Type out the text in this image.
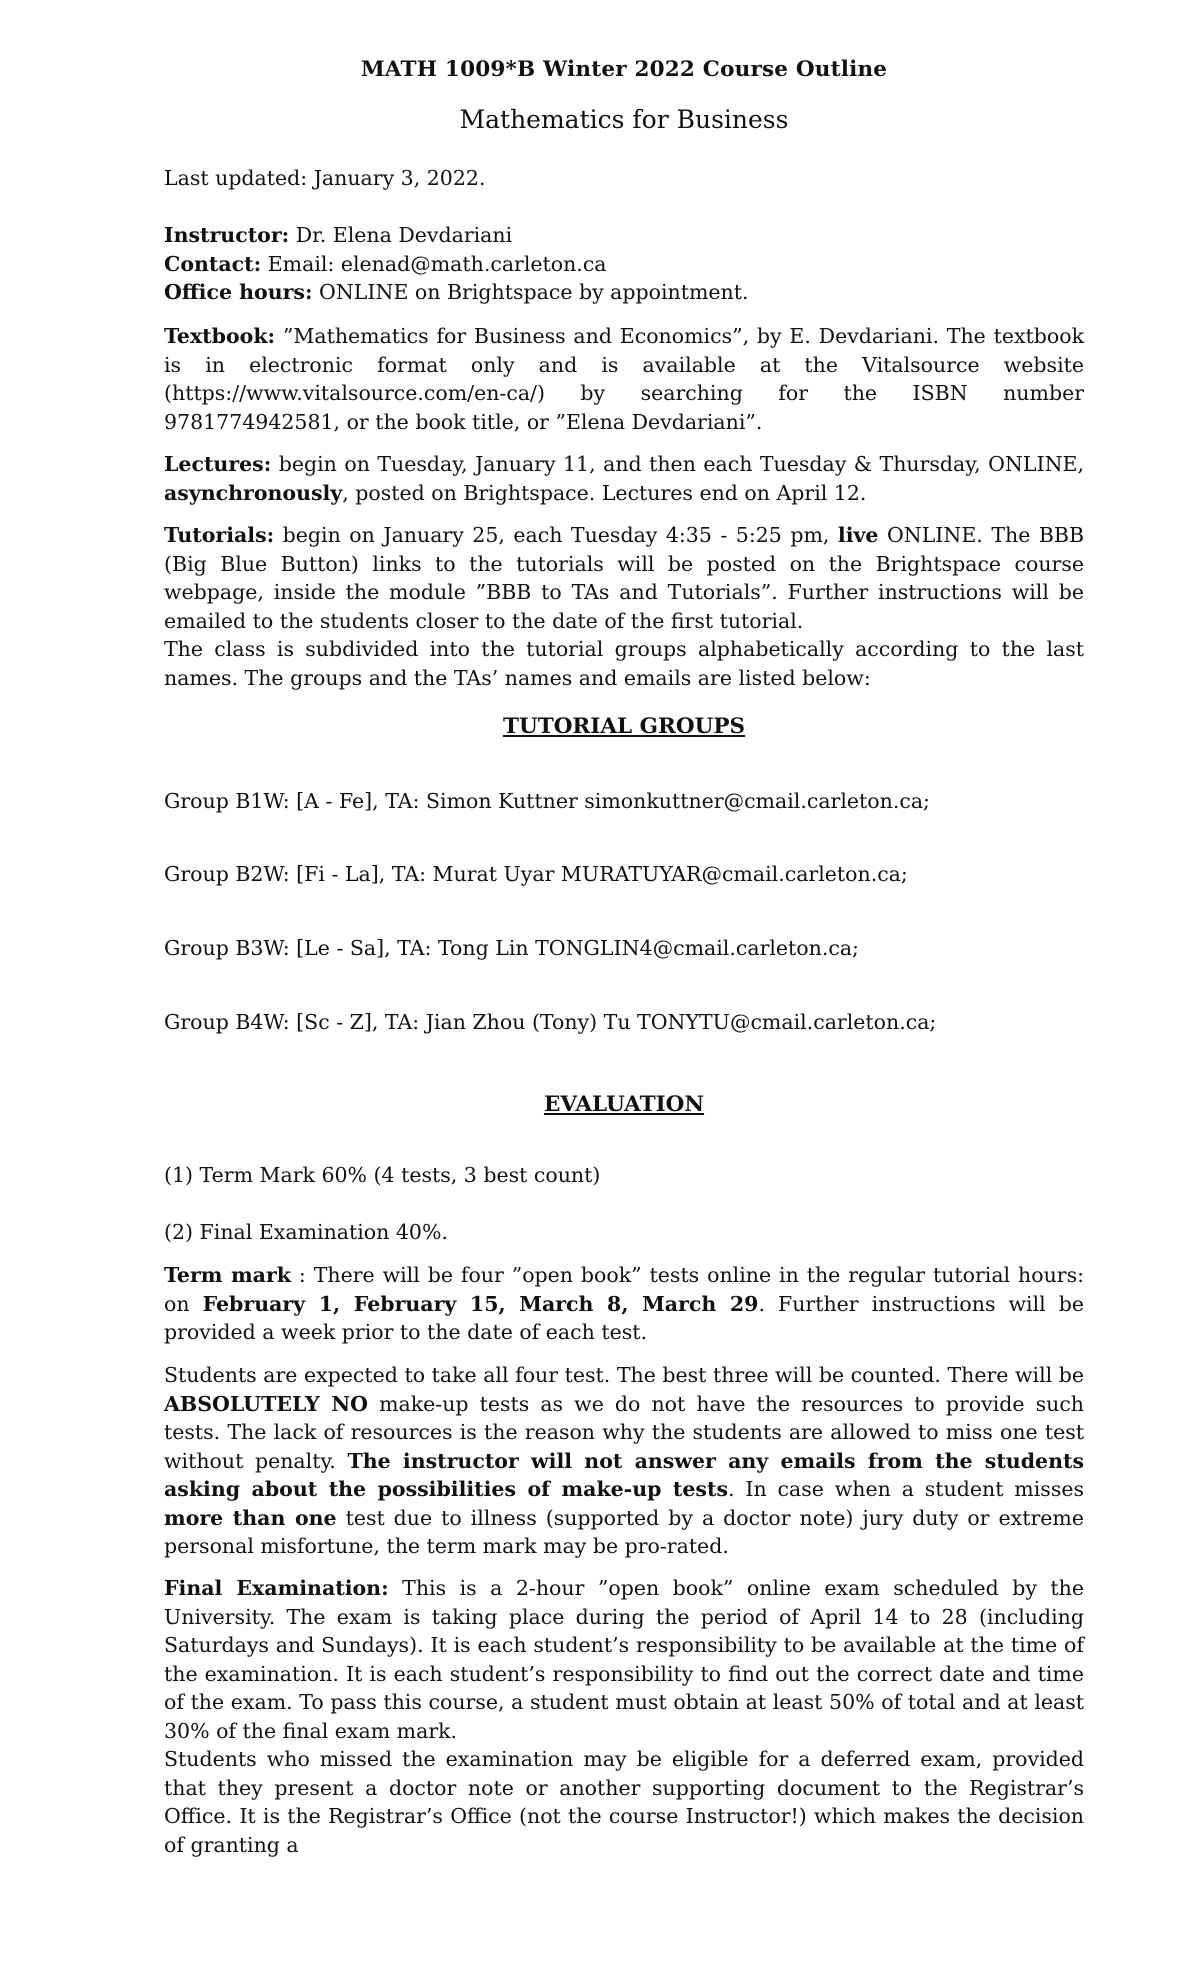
MATH 1009*B Winter 2022 Course Outline
Mathematics for Business

Last updated: January 3, 2022.

Instructor: Dr. Elena Devdariani

Contact: Email: elenad@math.carleton.ca

Office hours: ONLINE on Brightspace by appointment.

Textbook: ”Mathematics for Business and Economics”, by E. Devdariani. The textbook is in electronic format only and is available at the Vitalsource website (https://www.vitalsource.com/en-ca/) by searching for the ISBN number 9781774942581, or the book title, or ”Elena Devdariani”.

Lectures: begin on Tuesday, January 11, and then each Tuesday & Thursday, ONLINE, asynchronously, posted on Brightspace. Lectures end on April 12.

Tutorials: begin on January 25, each Tuesday 4:35 - 5:25 pm, live ONLINE. The BBB (Big Blue Button) links to the tutorials will be posted on the Brightspace course webpage, inside the module ”BBB to TAs and Tutorials”. Further instructions will be emailed to the students closer to the date of the first tutorial.

The class is subdivided into the tutorial groups alphabetically according to the last names. The groups and the TAs’ names and emails are listed below:

TUTORIAL GROUPS
Group B1W: [A - Fe], TA: Simon Kuttner simonkuttner@cmail.carleton.ca;
Group B2W: [Fi - La], TA: Murat Uyar MURATUYAR@cmail.carleton.ca;
Group B3W: [Le - Sa], TA: Tong Lin TONGLIN4@cmail.carleton.ca;
Group B4W: [Sc - Z], TA: Jian Zhou (Tony) Tu TONYTU@cmail.carleton.ca;
EVALUATION

(1) Term Mark 60% (4 tests, 3 best count)

(2) Final Examination 40%.

Term mark : There will be four ”open book” tests online in the regular tutorial hours: on February 1, February 15, March 8, March 29. Further instructions will be provided a week prior to the date of each test.

Students are expected to take all four test. The best three will be counted. There will be ABSOLUTELY NO make-up tests as we do not have the resources to provide such tests. The lack of resources is the reason why the students are allowed to miss one test without penalty. The instructor will not answer any emails from the students asking about the possibilities of make-up tests. In case when a student misses more than one test due to illness (supported by a doctor note) jury duty or extreme personal misfortune, the term mark may be pro-rated.

Final Examination: This is a 2-hour ”open book” online exam scheduled by the University. The exam is taking place during the period of April 14 to 28 (including Saturdays and Sundays). It is each student’s responsibility to be available at the time of the examination. It is each student’s responsibility to find out the correct date and time of the exam. To pass this course, a student must obtain at least 50% of total and at least 30% of the final exam mark.

Students who missed the examination may be eligible for a deferred exam, provided that they present a doctor note or another supporting document to the Registrar’s Office. It is the Registrar’s Office (not the course Instructor!) which makes the decision of granting a
